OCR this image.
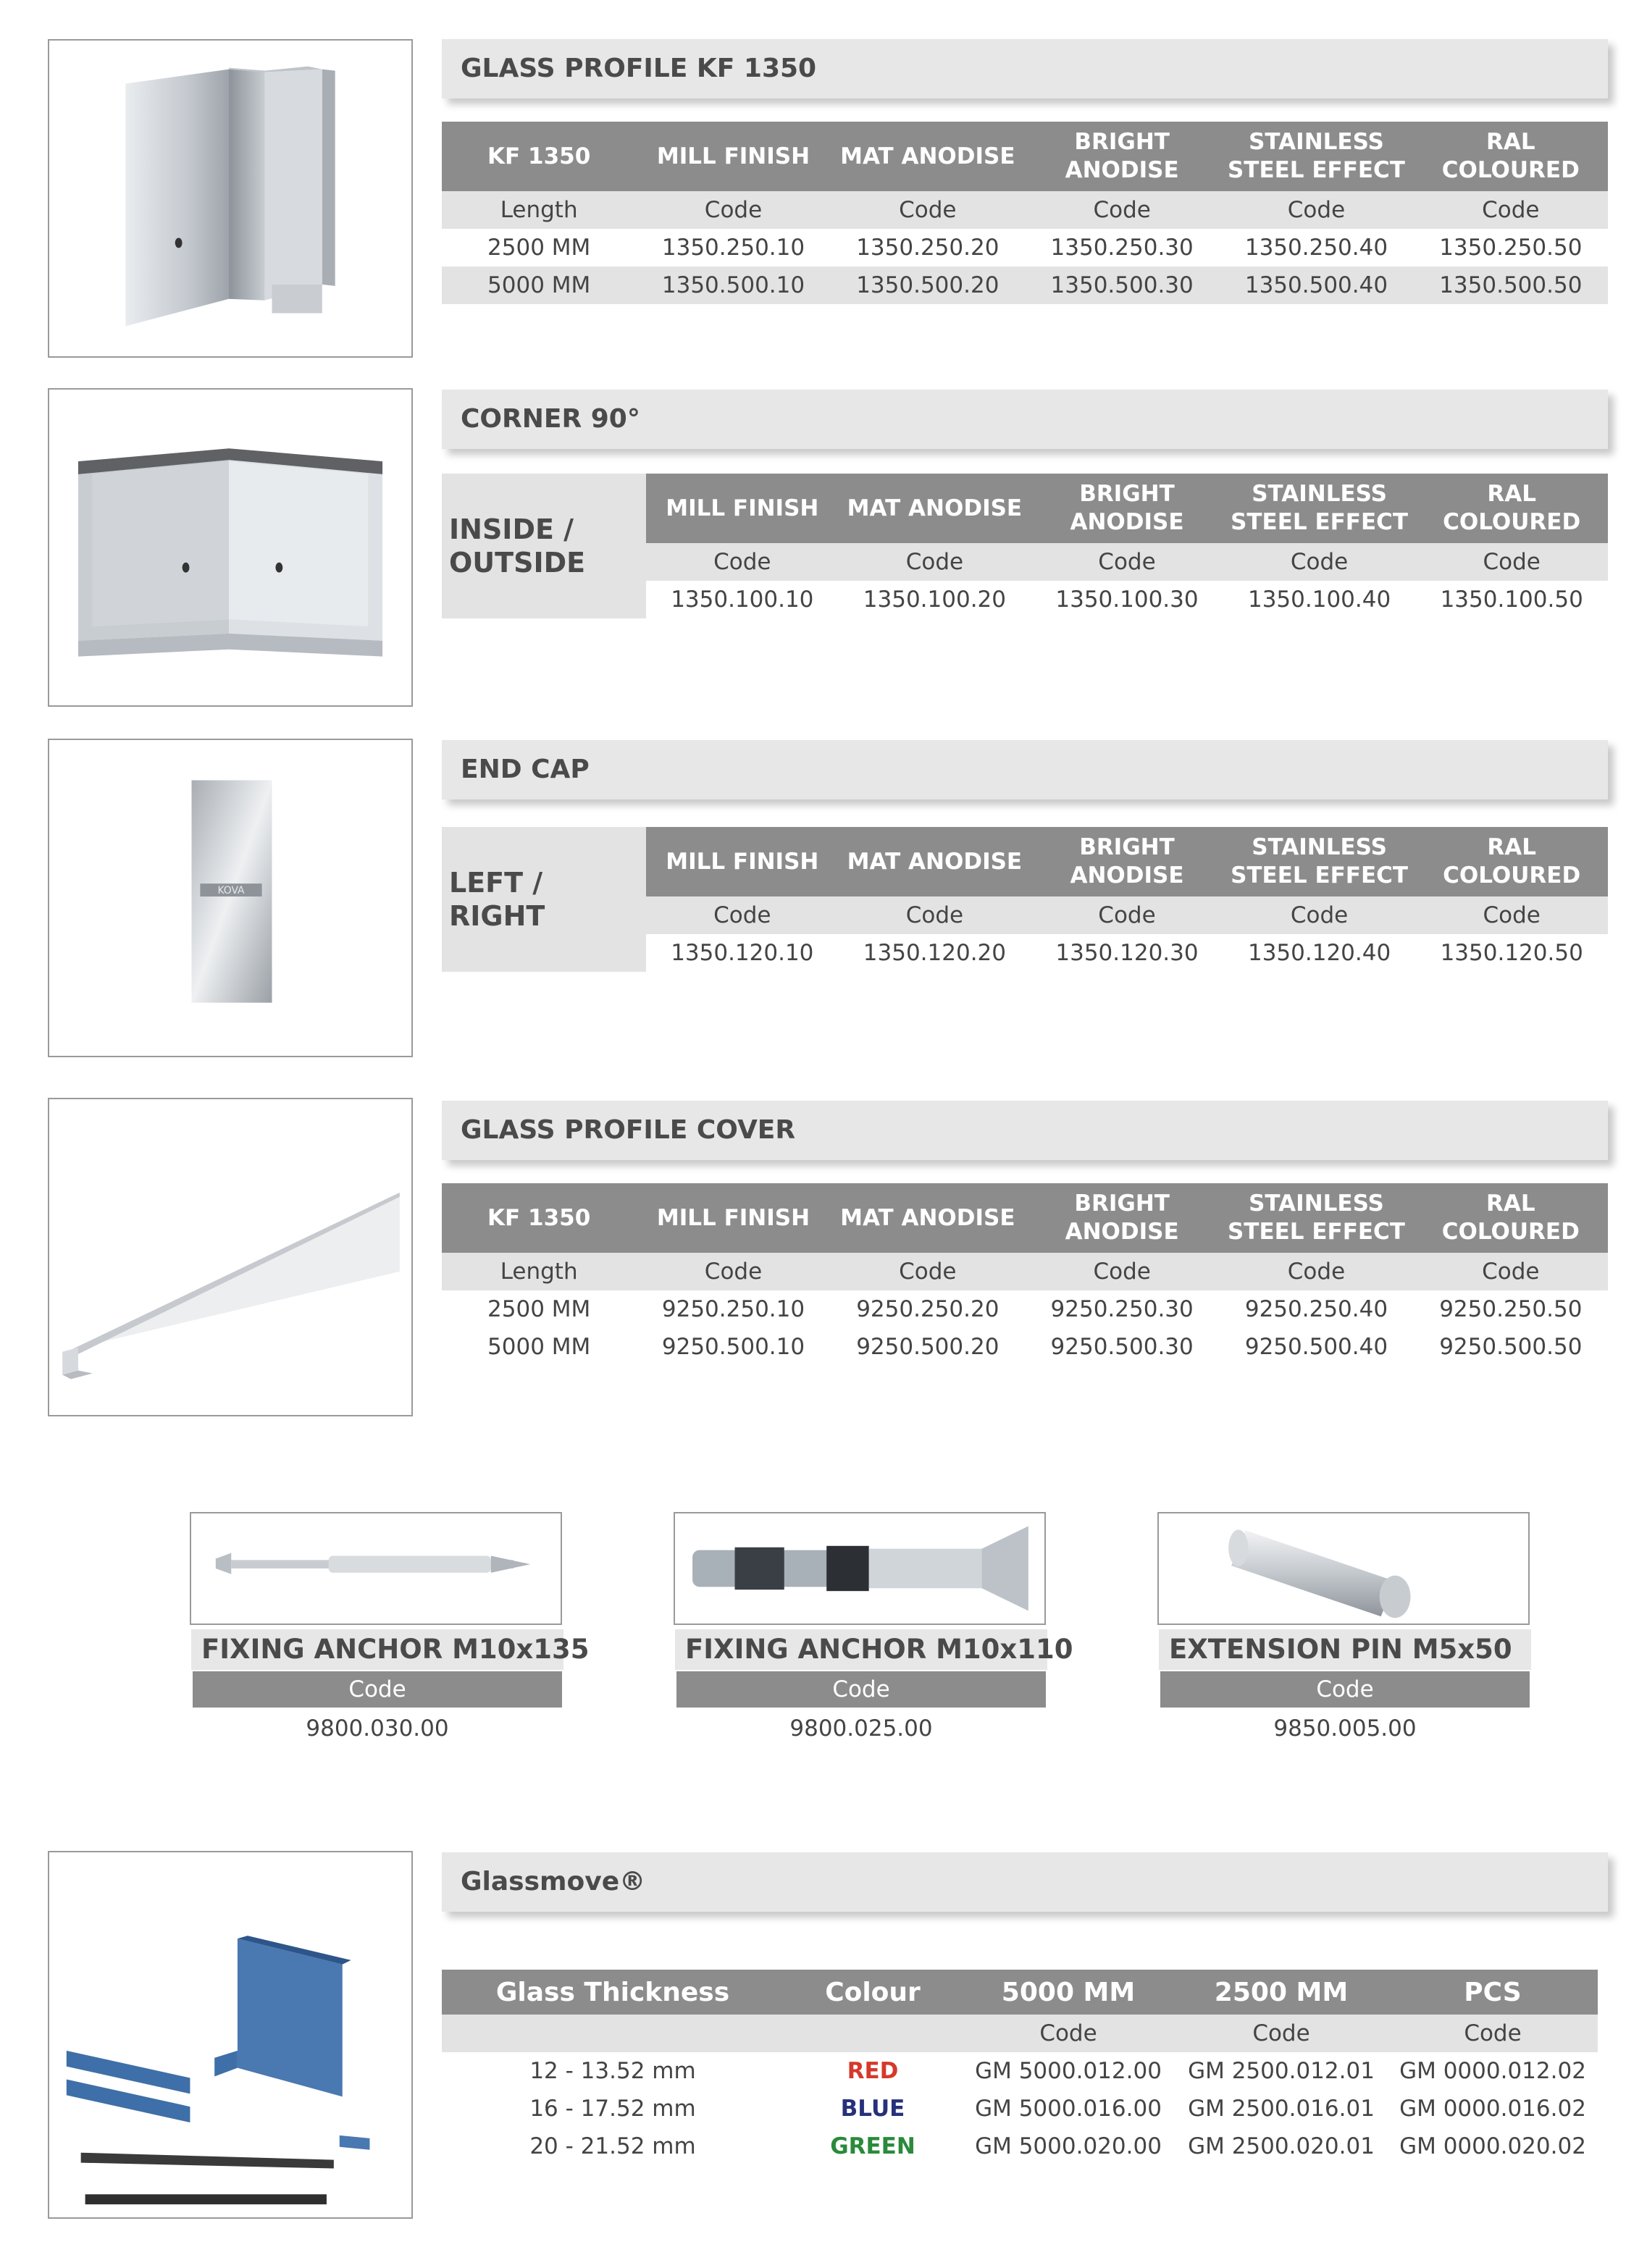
GLASS PROFILE KF 1350
KF 1350	MILL FINISH	MAT ANODISE	BRIGHT ANODISE	STAINLESS STEEL EFFECT	RAL COLOURED
Length	Code	Code	Code	Code	Code
2500 MM	1350.250.10	1350.250.20	1350.250.30	1350.250.40	1350.250.50
5000 MM	1350.500.10	1350.500.20	1350.500.30	1350.500.40	1350.500.50
CORNER 90°
INSIDE / OUTSIDE	MILL FINISH	MAT ANODISE	BRIGHT ANODISE	STAINLESS STEEL EFFECT	RAL COLOURED
	Code	Code	Code	Code	Code
	1350.100.10	1350.100.20	1350.100.30	1350.100.40	1350.100.50
KOVA
END CAP
LEFT / RIGHT	MILL FINISH	MAT ANODISE	BRIGHT ANODISE	STAINLESS STEEL EFFECT	RAL COLOURED
	Code	Code	Code	Code	Code
	1350.120.10	1350.120.20	1350.120.30	1350.120.40	1350.120.50
GLASS PROFILE COVER
KF 1350	MILL FINISH	MAT ANODISE	BRIGHT ANODISE	STAINLESS STEEL EFFECT	RAL COLOURED
Length	Code	Code	Code	Code	Code
2500 MM	9250.250.10	9250.250.20	9250.250.30	9250.250.40	9250.250.50
5000 MM	9250.500.10	9250.500.20	9250.500.30	9250.500.40	9250.500.50
FIXING ANCHOR M10x135
Code
9800.030.00
FIXING ANCHOR M10x110
Code
9800.025.00
EXTENSION PIN M5x50
Code
9850.005.00
Glassmove®
Glass Thickness	Colour	5000 MM	2500 MM	PCS
		Code	Code	Code
12 - 13.52 mm	RED	GM 5000.012.00	GM 2500.012.01	GM 0000.012.02
16 - 17.52 mm	BLUE	GM 5000.016.00	GM 2500.016.01	GM 0000.016.02
20 - 21.52 mm	GREEN	GM 5000.020.00	GM 2500.020.01	GM 0000.020.02
